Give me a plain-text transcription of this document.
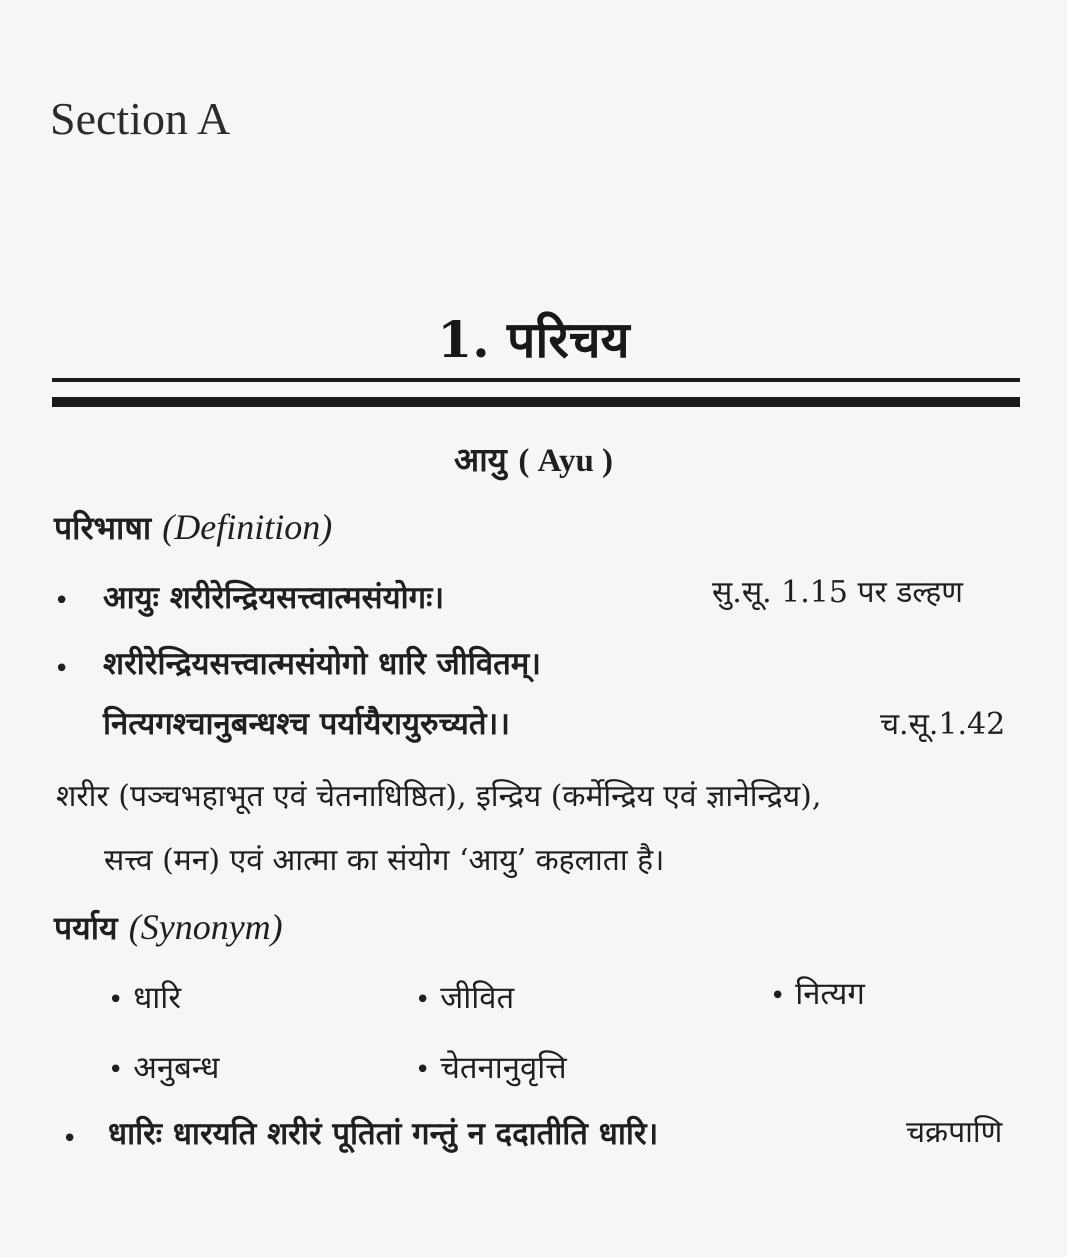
Section A
1. परिचय
आयु ( Ayu )
परिभाषा (Definition)
• आयुः शरीरेन्द्रियसत्त्वात्मसंयोगः।	सु.सू. 1.15 पर डल्हण
• शरीरेन्द्रियसत्त्वात्मसंयोगो धारि जीवितम्।
नित्यगश्चानुबन्धश्च पर्यायैरायुरुच्यते।।	च.सू.1.42
शरीर (पञ्चभहाभूत एवं चेतनाधिष्ठित), इन्द्रिय (कर्मेन्द्रिय एवं ज्ञानेन्द्रिय),
सत्त्व (मन) एवं आत्मा का संयोग ‘आयु’ कहलाता है।
पर्याय (Synonym)
• धारि	• जीवित	• नित्यग
• अनुबन्ध	• चेतनानुवृत्ति
• धारिः धारयति शरीरं पूतितां गन्तुं न ददातीति धारि।	चक्रपाणि
